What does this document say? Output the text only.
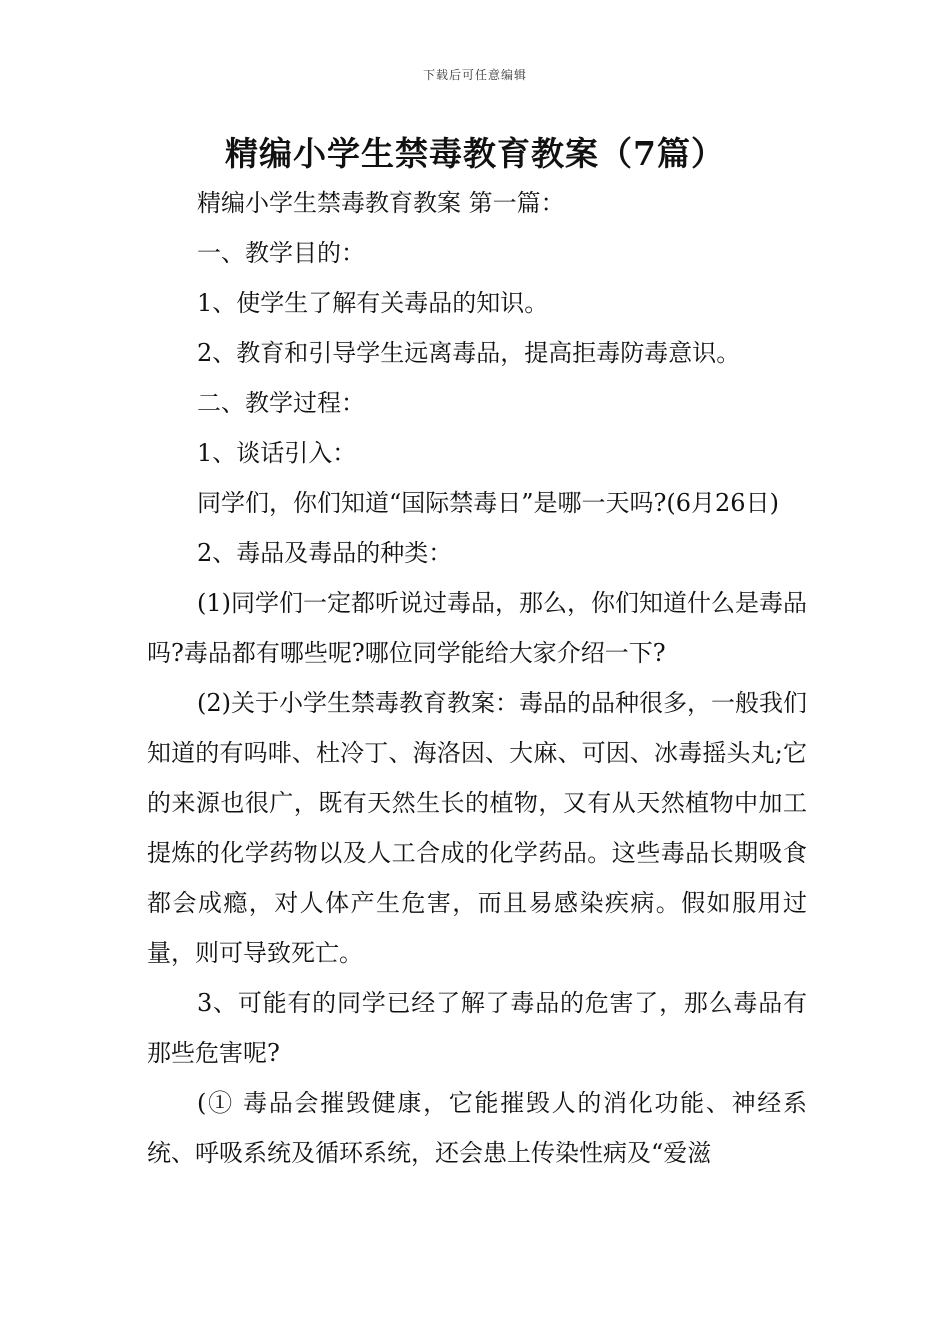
下载后可任意编辑
精编小学生禁毒教育教案（7篇）

精编小学生禁毒教育教案 第一篇：

一、教学目的：

1、使学生了解有关毒品的知识。

2、教育和引导学生远离毒品，提高拒毒防毒意识。

二、教学过程：

1、谈话引入：

同学们，你们知道“国际禁毒日”是哪一天吗?(6月26日)

2、毒品及毒品的种类：

(1)同学们一定都听说过毒品，那么，你们知道什么是毒品吗?毒品都有哪些呢?哪位同学能给大家介绍一下?

(2)关于小学生禁毒教育教案：毒品的品种很多，一般我们知道的有吗啡、杜冷丁、海洛因、大麻、可因、冰毒摇头丸;它的来源也很广，既有天然生长的植物，又有从天然植物中加工提炼的化学药物以及人工合成的化学药品。这些毒品长期吸食都会成瘾，对人体产生危害，而且易感染疾病。假如服用过量，则可导致死亡。

3、可能有的同学已经了解了毒品的危害了，那么毒品有那些危害呢?

(① 毒品会摧毁健康，它能摧毁人的消化功能、神经系统、呼吸系统及循环系统，还会患上传染性病及“爱滋
